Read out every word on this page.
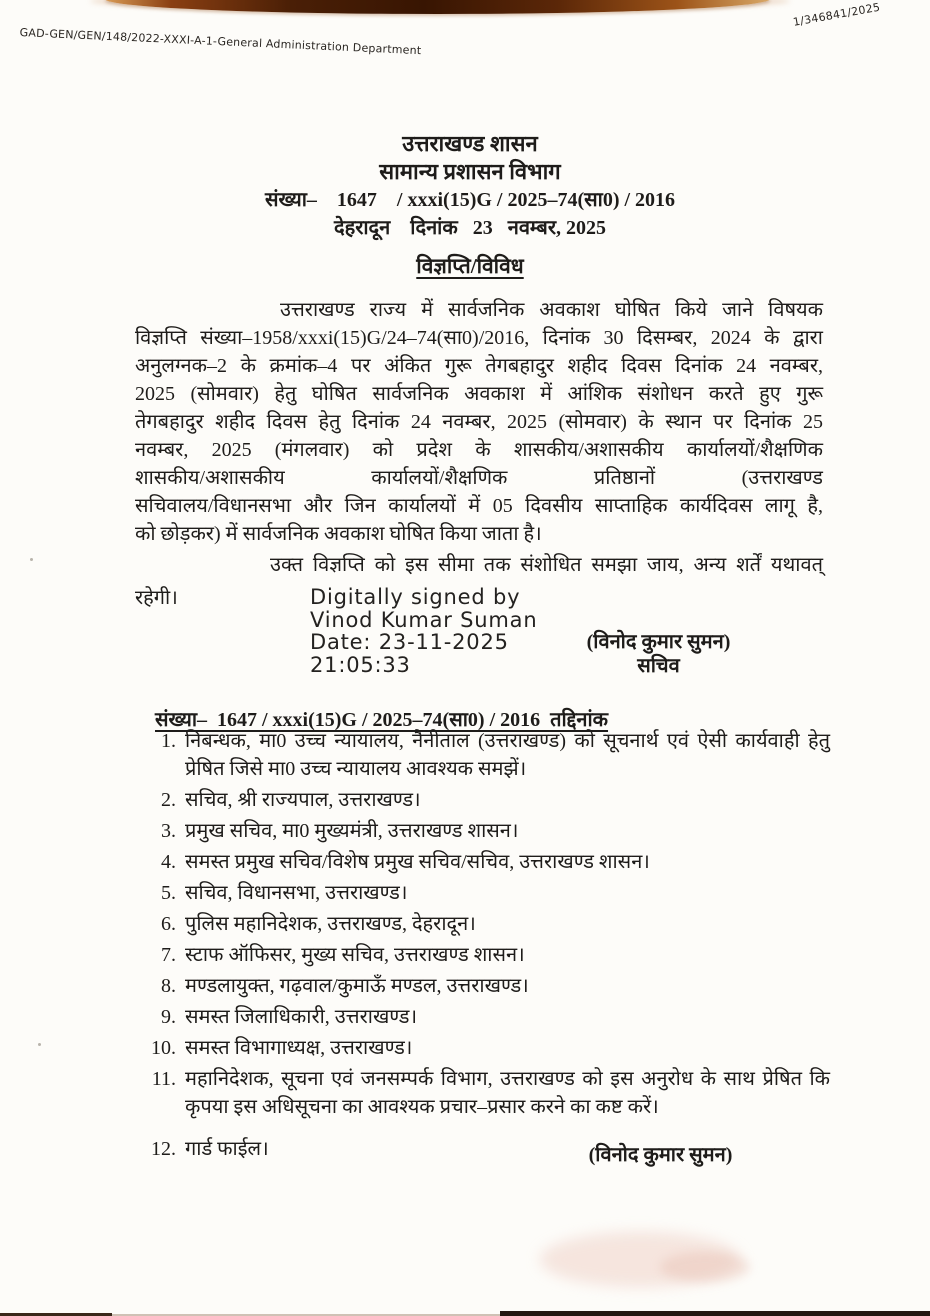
GAD-GEN/GEN/148/2022-XXXI-A-1-General Administration Department
1/346841/2025
उत्तराखण्ड शासन
सामान्य प्रशासन विभाग
संख्या–    1647    / xxxi(15)G / 2025–74(सा0) / 2016
देहरादून    दिनांक   23   नवम्बर, 2025
विज्ञप्ति/विविध
उत्तराखण्ड राज्य में सार्वजनिक अवकाश घोषित किये जाने विषयक
विज्ञप्ति संख्या–1958/xxxi(15)G/24–74(सा0)/2016, दिनांक 30 दिसम्बर, 2024 के द्वारा
अनुलग्नक–2 के क्रमांक–4 पर अंकित गुरू तेगबहादुर शहीद दिवस दिनांक 24 नवम्बर,
2025 (सोमवार) हेतु घोषित सार्वजनिक अवकाश में आंशिक संशोधन करते हुए गुरू
तेगबहादुर शहीद दिवस हेतु दिनांक 24 नवम्बर, 2025 (सोमवार) के स्थान पर दिनांक 25
नवम्बर, 2025 (मंगलवार) को प्रदेश के शासकीय/अशासकीय कार्यालयों/शैक्षणिक
शासकीय/अशासकीय कार्यालयों/शैक्षणिक प्रतिष्ठानों (उत्तराखण्ड
सचिवालय/विधानसभा और जिन कार्यालयों में 05 दिवसीय साप्ताहिक कार्यदिवस लागू है,
को छोड़कर) में सार्वजनिक अवकाश घोषित किया जाता है।
उक्त विज्ञप्ति को इस सीमा तक संशोधित समझा जाय, अन्य शर्तें यथावत्
रहेगी।	Digitally signed by
Vinod Kumar Suman
Date: 23-11-2025
21:05:33
(विनोद कुमार सुमन)
सचिव

संख्या–  1647 / xxxi(15)G / 2025–74(सा0) / 2016  तद्दिनांक

1. निबन्धक, मा0 उच्च न्यायालय, नैनीताल (उत्तराखण्ड) को सूचनार्थ एवं ऐसी कार्यवाही हेतु प्रेषित जिसे मा0 उच्च न्यायालय आवश्यक समझें।
2. सचिव, श्री राज्यपाल, उत्तराखण्ड।
3. प्रमुख सचिव, मा0 मुख्यमंत्री, उत्तराखण्ड शासन।
4. समस्त प्रमुख सचिव/विशेष प्रमुख सचिव/सचिव, उत्तराखण्ड शासन।
5. सचिव, विधानसभा, उत्तराखण्ड।
6. पुलिस महानिदेशक, उत्तराखण्ड, देहरादून।
7. स्टाफ ऑफिसर, मुख्य सचिव, उत्तराखण्ड शासन।
8. मण्डलायुक्त, गढ़वाल/कुमाऊँ मण्डल, उत्तराखण्ड।
9. समस्त जिलाधिकारी, उत्तराखण्ड।
10. समस्त विभागाध्यक्ष, उत्तराखण्ड।
11. महानिदेशक, सूचना एवं जनसम्पर्क विभाग, उत्तराखण्ड को इस अनुरोध के साथ प्रेषित कि कृपया इस अधिसूचना का आवश्यक प्रचार–प्रसार करने का कष्ट करें।
12. गार्ड फाईल।	(विनोद कुमार सुमन)
